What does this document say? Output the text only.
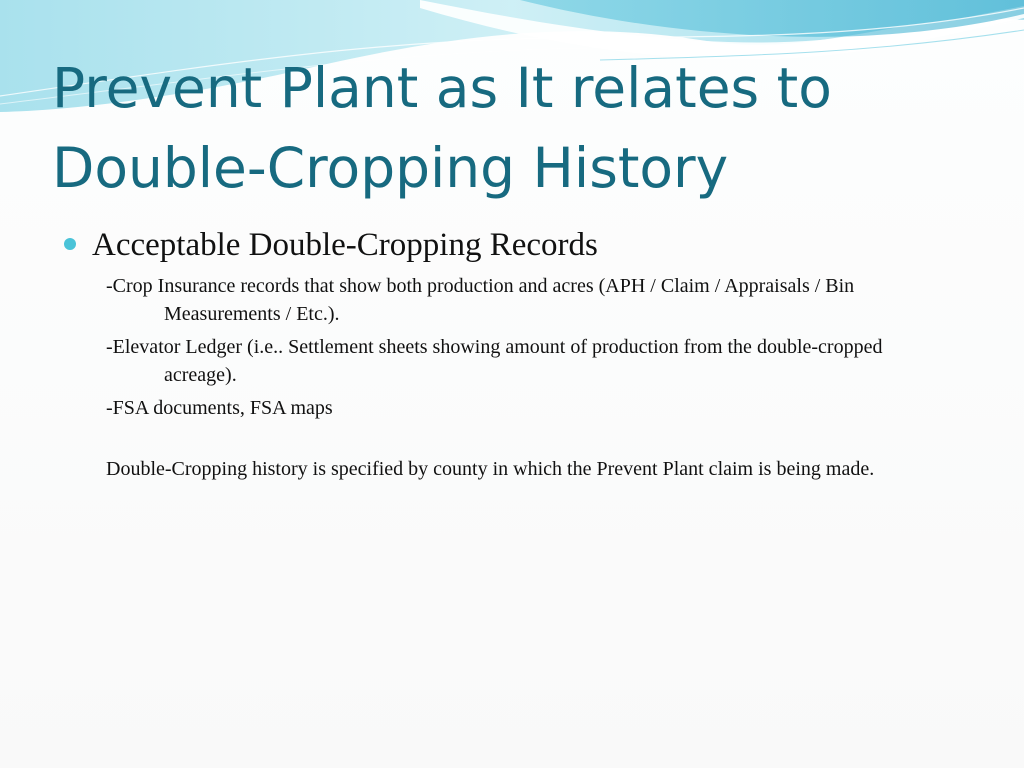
Prevent Plant as It relates to
Double-Cropping History
Acceptable Double-Cropping Records
-Crop Insurance records that show both production and acres (APH / Claim / Appraisals / Bin Measurements / Etc.).
-Elevator Ledger (i.e.. Settlement sheets showing amount of production from the double-cropped acreage).
-FSA documents, FSA maps
Double-Cropping history is specified by county in which the Prevent Plant claim is being made.
